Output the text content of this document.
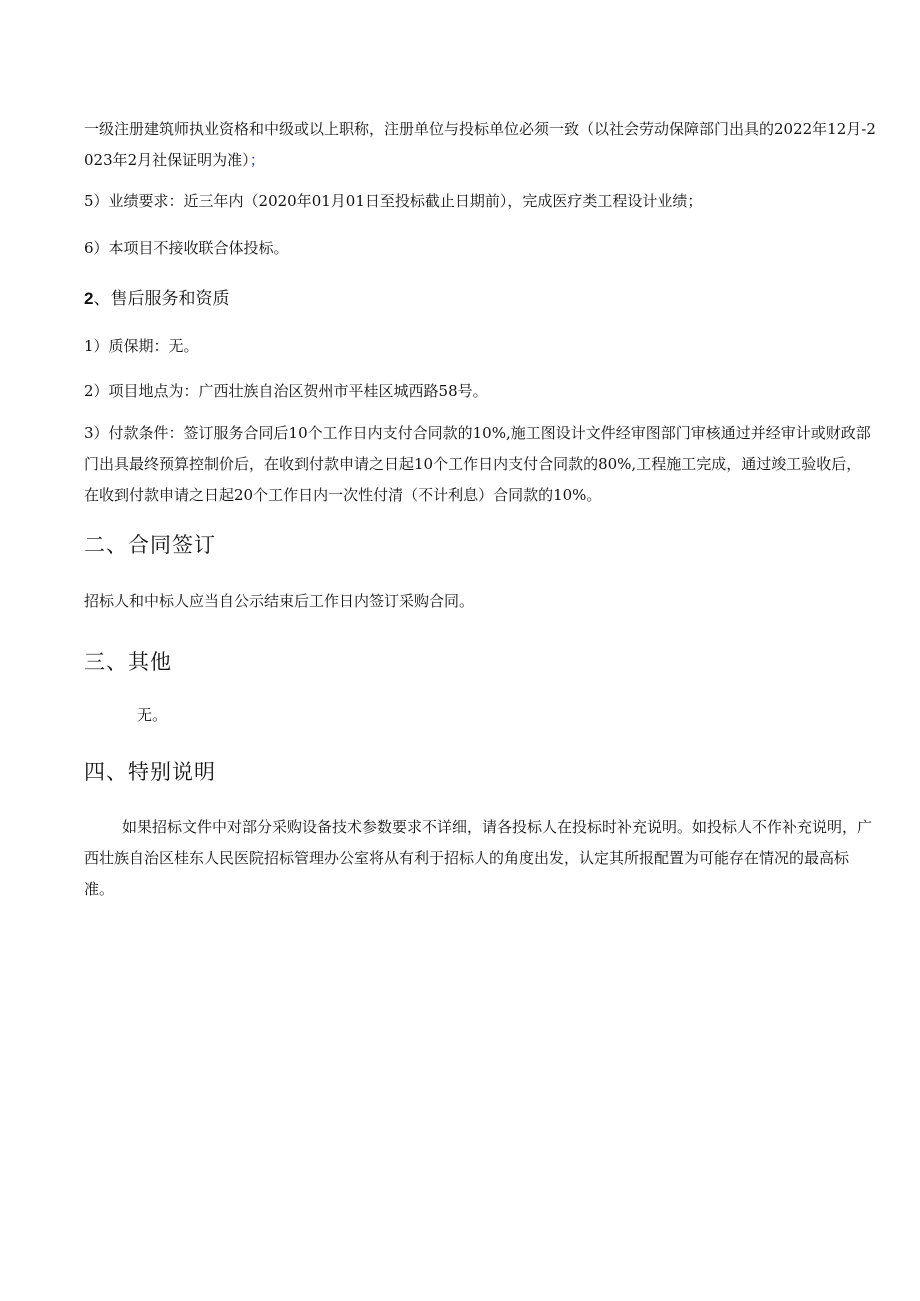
一级注册建筑师执业资格和中级或以上职称，注册单位与投标单位必须一致（以社会劳动保障部门出具的2022年12月-2023年2月社保证明为准）；
5）业绩要求：近三年内（2020年01月01日至投标截止日期前），完成医疗类工程设计业绩；
6）本项目不接收联合体投标。
2、售后服务和资质
1）质保期：无。
2）项目地点为：广西壮族自治区贺州市平桂区城西路58号。
3）付款条件：签订服务合同后10个工作日内支付合同款的10%,施工图设计文件经审图部门审核通过并经审计或财政部门出具最终预算控制价后，在收到付款申请之日起10个工作日内支付合同款的80%,工程施工完成，通过竣工验收后，在收到付款申请之日起20个工作日内一次性付清（不计利息）合同款的10%。
二、合同签订
招标人和中标人应当自公示结束后工作日内签订采购合同。
三、其他
无。
四、特别说明
如果招标文件中对部分采购设备技术参数要求不详细，请各投标人在投标时补充说明。如投标人不作补充说明，广西壮族自治区桂东人民医院招标管理办公室将从有利于招标人的角度出发，认定其所报配置为可能存在情况的最高标准。
